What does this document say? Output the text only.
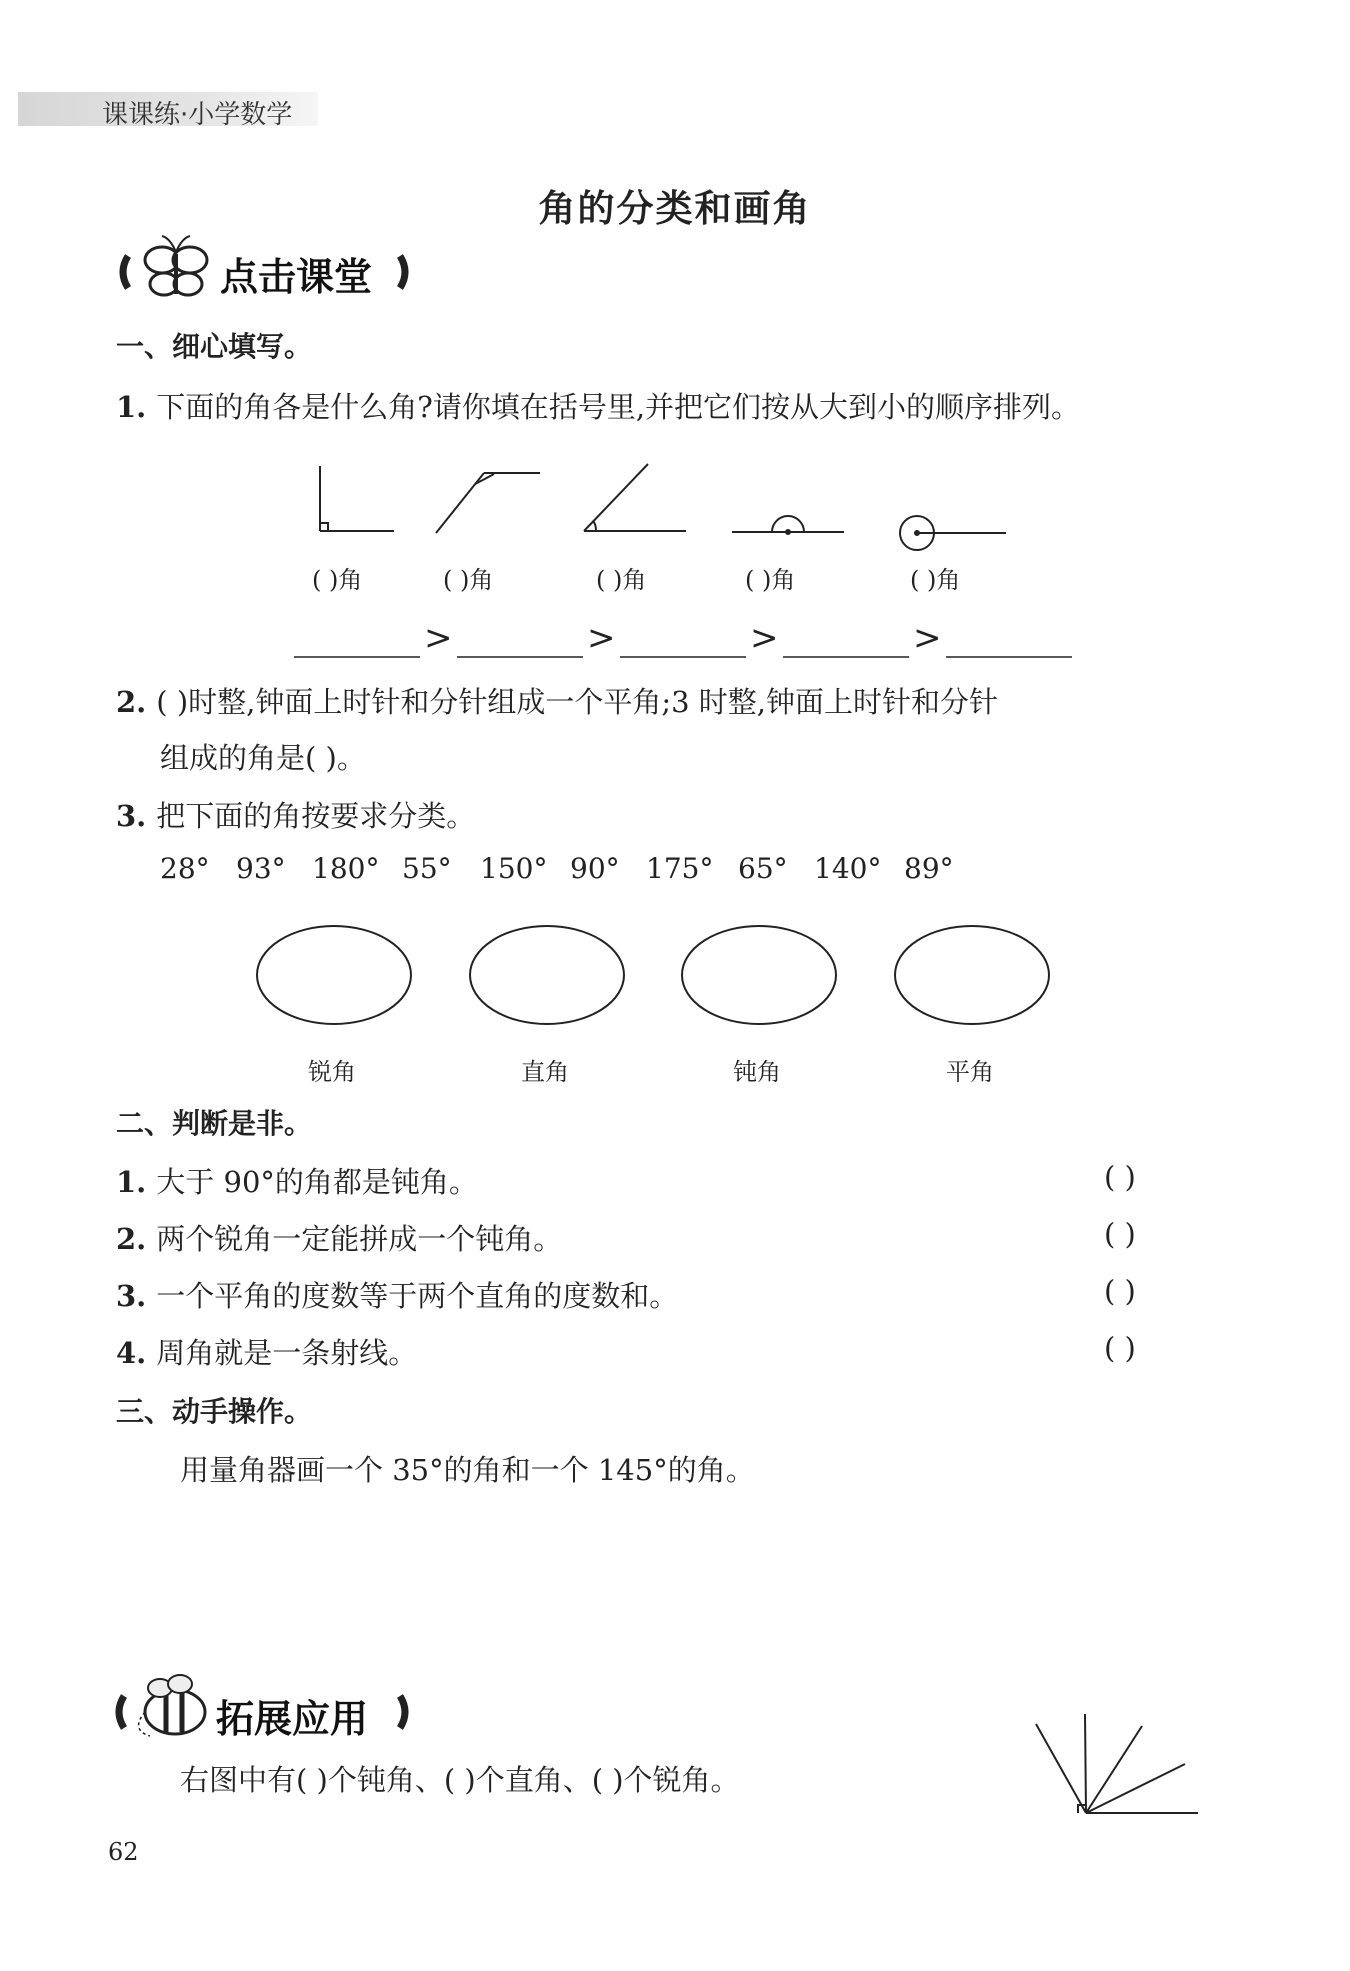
课课练·小学数学
角的分类和画角
点击课堂
一、细心填写。
1. 下面的角各是什么角?请你填在括号里,并把它们按从大到小的顺序排列。
( )角	( )角	( )角	( )角	( )角
>	>	>	>
2. ( )时整,钟面上时针和分针组成一个平角;3 时整,钟面上时针和分针
组成的角是( )。
3. 把下面的角按要求分类。
28° 93° 180° 55° 150° 90° 175° 65° 140° 89°
锐角	直角	钝角	平角
二、判断是非。
1. 大于 90°的角都是钝角。	( )
2. 两个锐角一定能拼成一个钝角。	( )
3. 一个平角的度数等于两个直角的度数和。	( )
4. 周角就是一条射线。	( )
三、动手操作。
用量角器画一个 35°的角和一个 145°的角。
拓展应用
右图中有( )个钝角、( )个直角、( )个锐角。
62
